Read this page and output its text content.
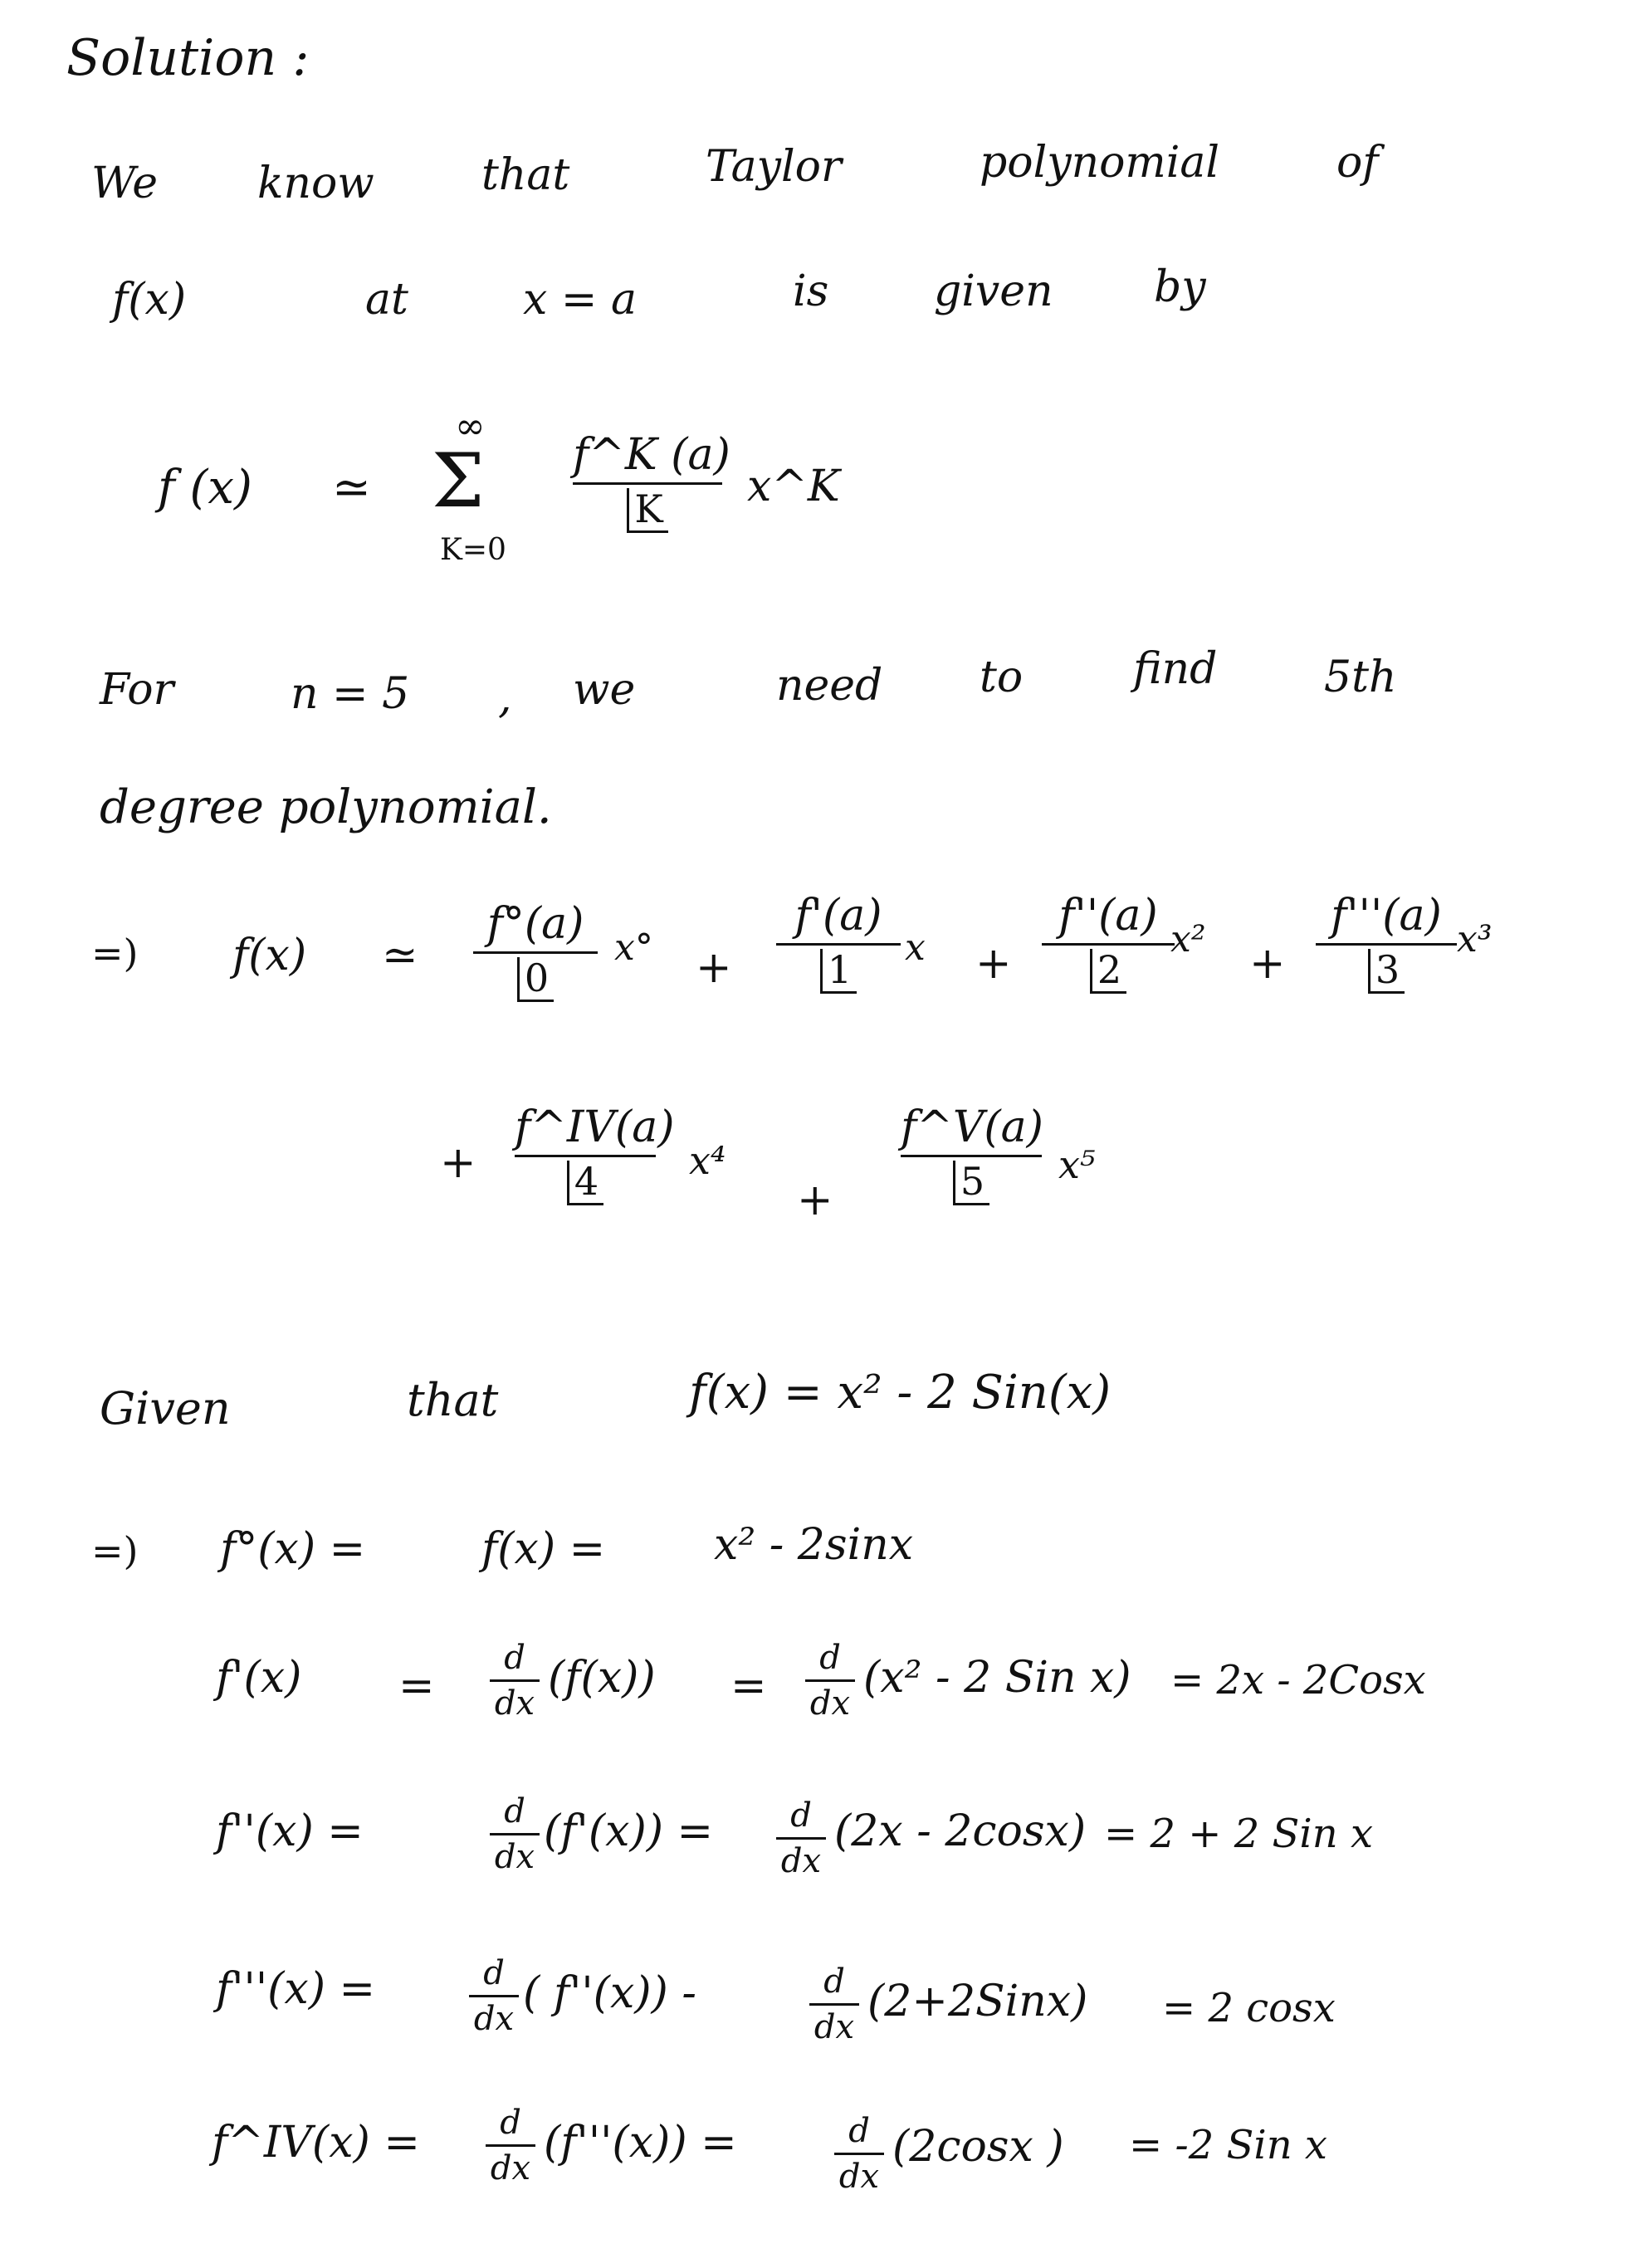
Solution :
We know that	Taylor	polynomial	of
f(x)	at	x = a	is given by
f (x) ≃
∞
Σ
K=0
f^K (a)
K	x^K
For	n = 5 , we	need to	find 5th
degree polynomial.
=) f(x) ≃
f°(a)
0
x° +
f'(a)
1	x +
f''(a)
2
x² +
f'''(a)
3
x³
+
f^IV(a)
4	x⁴
+
f^V(a)
5	x⁵
Given	that	f(x) = x² - 2 Sin(x)
=) f°(x) =	f(x) =	x² - 2sinx
f'(x) =
d
dx
(f(x)) =
d
dx
(x² - 2 Sin x) = 2x - 2Cosx
f''(x) =	d
dx
(f'(x)) =	d
dx
(2x - 2cosx) = 2 + 2 Sin x
f'''(x) =	d
dx
( f''(x)) -	d
dx
(2+2Sinx) = 2 cosx
f^IV(x) =	d
dx
(f'''(x)) =	d
dx
(2cosx ) = -2 Sin x
